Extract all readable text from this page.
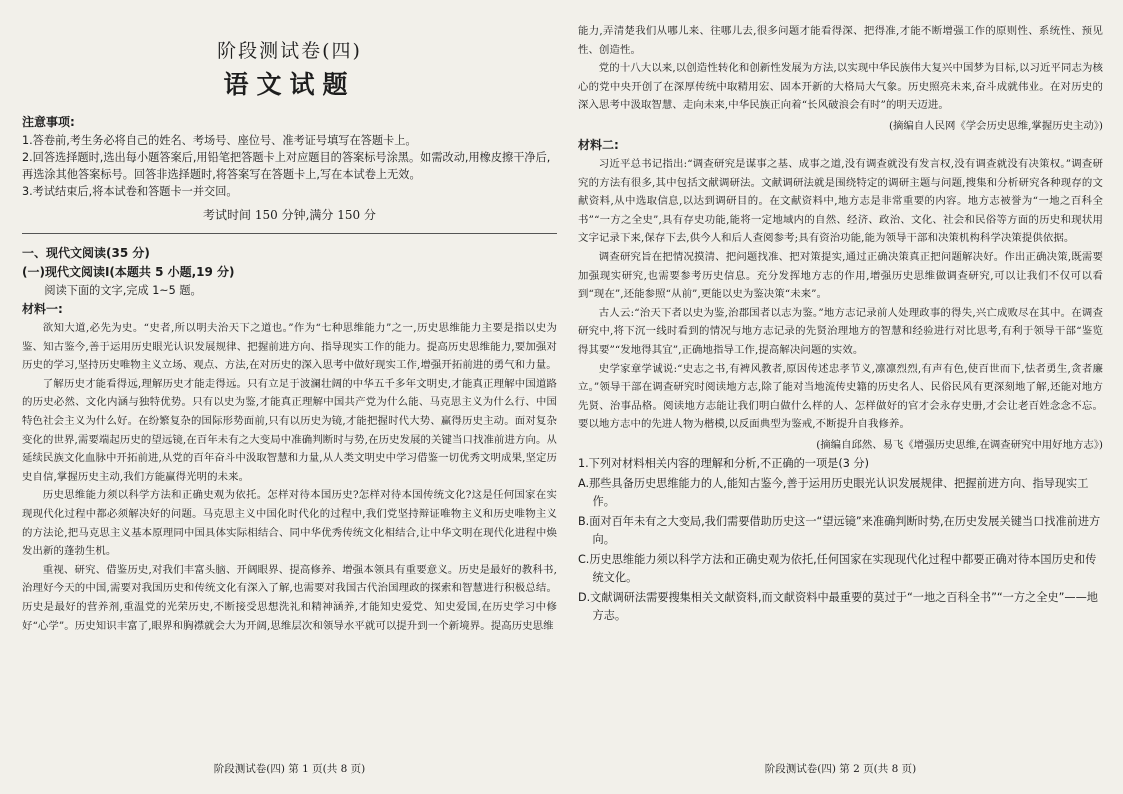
阶段测试卷(四)
语文试题
注意事项:

1.答卷前,考生务必将自己的姓名、考场号、座位号、准考证号填写在答题卡上。

2.回答选择题时,选出每小题答案后,用铅笔把答题卡上对应题目的答案标号涂黑。如需改动,用橡皮擦干净后,再选涂其他答案标号。回答非选择题时,将答案写在答题卡上,写在本试卷上无效。

3.考试结束后,将本试卷和答题卡一并交回。

考试时间 150 分钟,满分 150 分
一、现代文阅读(35 分)
(一)现代文阅读Ⅰ(本题共 5 小题,19 分)
阅读下面的文字,完成 1~5 题。
材料一:

欲知大道,必先为史。“史者,所以明夫治天下之道也。”作为“七种思维能力”之一,历史思维能力主要是指以史为鉴、知古鉴今,善于运用历史眼光认识发展规律、把握前进方向、指导现实工作的能力。提高历史思维能力,要加强对历史的学习,坚持历史唯物主义立场、观点、方法,在对历史的深入思考中做好现实工作,增强开拓前进的勇气和力量。

了解历史才能看得远,理解历史才能走得远。只有立足于波澜壮阔的中华五千多年文明史,才能真正理解中国道路的历史必然、文化内涵与独特优势。只有以史为鉴,才能真正理解中国共产党为什么能、马克思主义为什么行、中国特色社会主义为什么好。在纷繁复杂的国际形势面前,只有以历史为镜,才能把握时代大势、赢得历史主动。面对复杂变化的世界,需要端起历史的望远镜,在百年未有之大变局中准确判断时与势,在历史发展的关键当口找准前进方向。从延续民族文化血脉中开拓前进,从党的百年奋斗中汲取智慧和力量,从人类文明史中学习借鉴一切优秀文明成果,坚定历史自信,掌握历史主动,我们方能赢得光明的未来。

历史思维能力须以科学方法和正确史观为依托。怎样对待本国历史?怎样对待本国传统文化?这是任何国家在实现现代化过程中都必须解决好的问题。马克思主义中国化时代化的过程中,我们党坚持辩证唯物主义和历史唯物主义的方法论,把马克思主义基本原理同中国具体实际相结合、同中华优秀传统文化相结合,让中华文明在现代化进程中焕发出新的蓬勃生机。

重视、研究、借鉴历史,对我们丰富头脑、开阔眼界、提高修养、增强本领具有重要意义。历史是最好的教科书,治理好今天的中国,需要对我国历史和传统文化有深入了解,也需要对我国古代治国理政的探索和智慧进行积极总结。历史是最好的营养剂,重温党的光荣历史,不断接受思想洗礼和精神涵养,才能知史爱党、知史爱国,在历史学习中修好“心学”。历史知识丰富了,眼界和胸襟就会大为开阔,思维层次和领导水平就可以提升到一个新境界。提高历史思维

阶段测试卷(四) 第 1 页(共 8 页)

能力,弄清楚我们从哪儿来、往哪儿去,很多问题才能看得深、把得准,才能不断增强工作的原则性、系统性、预见性、创造性。

党的十八大以来,以创造性转化和创新性发展为方法,以实现中华民族伟大复兴中国梦为目标,以习近平同志为核心的党中央开创了在深厚传统中取精用宏、固本开新的大格局大气象。历史照亮未来,奋斗成就伟业。在对历史的深入思考中汲取智慧、走向未来,中华民族正向着“长风破浪会有时”的明天迈进。

(摘编自人民网《学会历史思维,掌握历史主动》)
材料二:

习近平总书记指出:“调查研究是谋事之基、成事之道,没有调查就没有发言权,没有调查就没有决策权。”调查研究的方法有很多,其中包括文献调研法。文献调研法就是围绕特定的调研主题与问题,搜集和分析研究各种现存的文献资料,从中选取信息,以达到调研目的。在文献资料中,地方志是非常重要的内容。地方志被誉为“一地之百科全书”“一方之全史”,具有存史功能,能将一定地域内的自然、经济、政治、文化、社会和民俗等方面的历史和现状用文字记录下来,保存下去,供今人和后人查阅参考;具有资治功能,能为领导干部和决策机构科学决策提供依据。

调查研究旨在把情况摸清、把问题找准、把对策提实,通过正确决策真正把问题解决好。作出正确决策,既需要加强现实研究,也需要参考历史信息。充分发挥地方志的作用,增强历史思维做调查研究,可以让我们不仅可以看到“现在”,还能参照“从前”,更能以史为鉴决策“未来”。

古人云:“治天下者以史为鉴,治郡国者以志为鉴。”地方志记录前人处理政事的得失,兴亡成败尽在其中。在调查研究中,将下沉一线时看到的情况与地方志记录的先贤治理地方的智慧和经验进行对比思考,有利于领导干部“鉴览得其要”“发地得其宜”,正确地指导工作,提高解决问题的实效。

史学家章学诚说:“史志之书,有裨风教者,原因传述忠孝节义,凛凛烈烈,有声有色,使百世而下,怯者勇生,贪者廉立。”领导干部在调查研究时阅读地方志,除了能对当地流传史籍的历史名人、民俗民风有更深刻地了解,还能对地方先贤、治事品格。阅读地方志能让我们明白做什么样的人、怎样做好的官才会永存史册,才会让老百姓念念不忘。要以地方志中的先进人物为楷模,以反面典型为鉴戒,不断提升自我修养。

(摘编自邱然、易飞《增强历史思维,在调查研究中用好地方志》)
1.下列对材料相关内容的理解和分析,不正确的一项是(3 分)
A.那些具备历史思维能力的人,能知古鉴今,善于运用历史眼光认识发展规律、把握前进方向、指导现实工作。
B.面对百年未有之大变局,我们需要借助历史这一“望远镜”来准确判断时势,在历史发展关键当口找准前进方向。
C.历史思维能力须以科学方法和正确史观为依托,任何国家在实现现代化过程中都要正确对待本国历史和传统文化。
D.文献调研法需要搜集相关文献资料,而文献资料中最重要的莫过于“一地之百科全书”“一方之全史”——地方志。
阶段测试卷(四) 第 2 页(共 8 页)
